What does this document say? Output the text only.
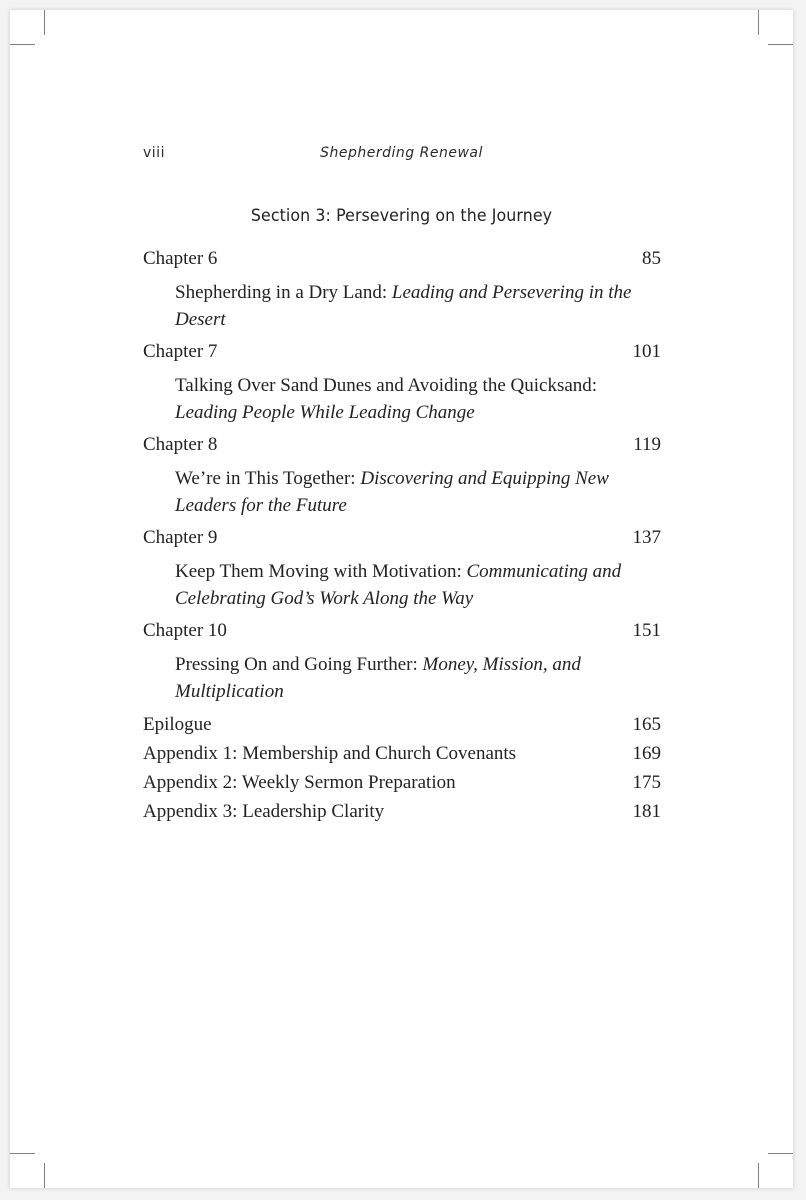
viii	Shepherding Renewal
Section 3: Persevering on the Journey
Chapter 6	85
Shepherding in a Dry Land: Leading and Persevering in the Desert
Chapter 7	101
Talking Over Sand Dunes and Avoiding the Quicksand: Leading People While Leading Change
Chapter 8	119
We’re in This Together: Discovering and Equipping New Leaders for the Future
Chapter 9	137
Keep Them Moving with Motivation: Communicating and Celebrating God’s Work Along the Way
Chapter 10	151
Pressing On and Going Further: Money, Mission, and Multiplication
Epilogue	165
Appendix 1: Membership and Church Covenants	169
Appendix 2: Weekly Sermon Preparation	175
Appendix 3: Leadership Clarity	181
